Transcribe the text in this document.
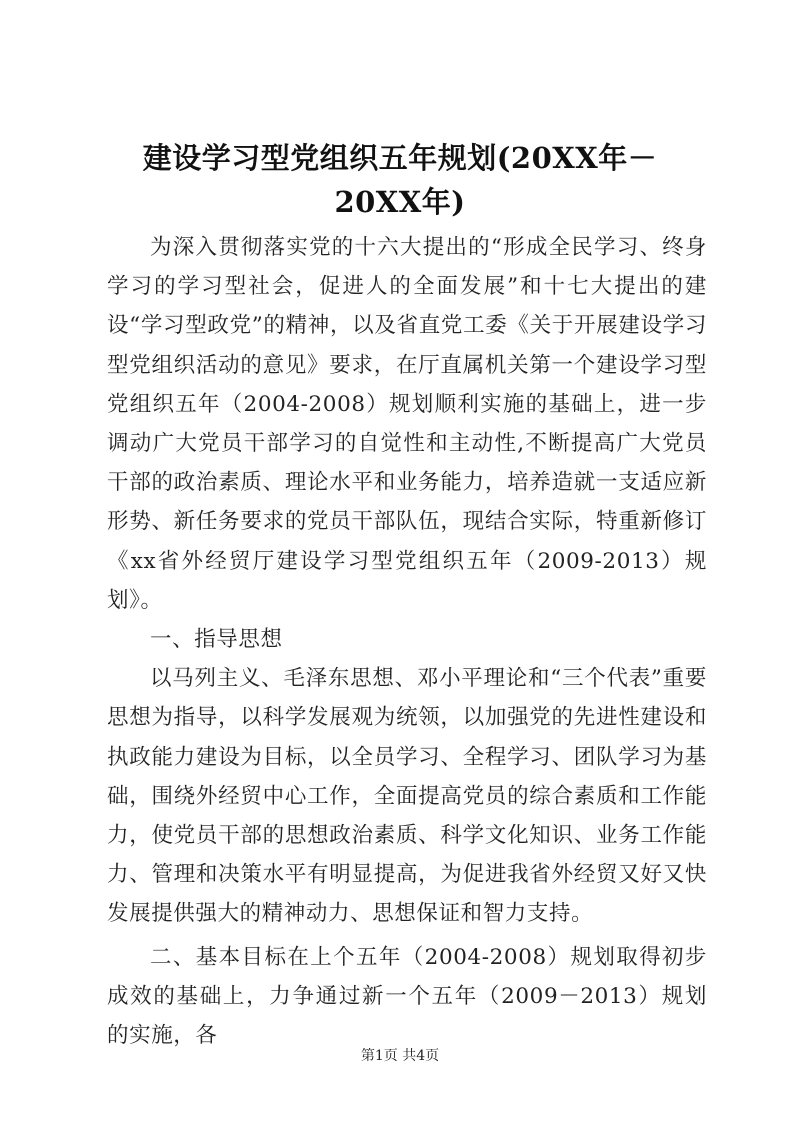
建设学习型党组织五年规划(20XX年－20XX年)

为深入贯彻落实党的十六大提出的“形成全民学习、终身学习的学习型社会，促进人的全面发展”和十七大提出的建设“学习型政党”的精神，以及省直党工委《关于开展建设学习型党组织活动的意见》要求，在厅直属机关第一个建设学习型党组织五年（2004-2008）规划顺利实施的基础上，进一步调动广大党员干部学习的自觉性和主动性,不断提高广大党员干部的政治素质、理论水平和业务能力，培养造就一支适应新形势、新任务要求的党员干部队伍，现结合实际，特重新修订《xx省外经贸厅建设学习型党组织五年（2009-2013）规划》。

一、指导思想

以马列主义、毛泽东思想、邓小平理论和“三个代表”重要思想为指导，以科学发展观为统领，以加强党的先进性建设和执政能力建设为目标，以全员学习、全程学习、团队学习为基础，围绕外经贸中心工作，全面提高党员的综合素质和工作能力，使党员干部的思想政治素质、科学文化知识、业务工作能力、管理和决策水平有明显提高，为促进我省外经贸又好又快发展提供强大的精神动力、思想保证和智力支持。

二、基本目标在上个五年（2004-2008）规划取得初步成效的基础上，力争通过新一个五年（2009－2013）规划的实施，各

第1页 共4页
